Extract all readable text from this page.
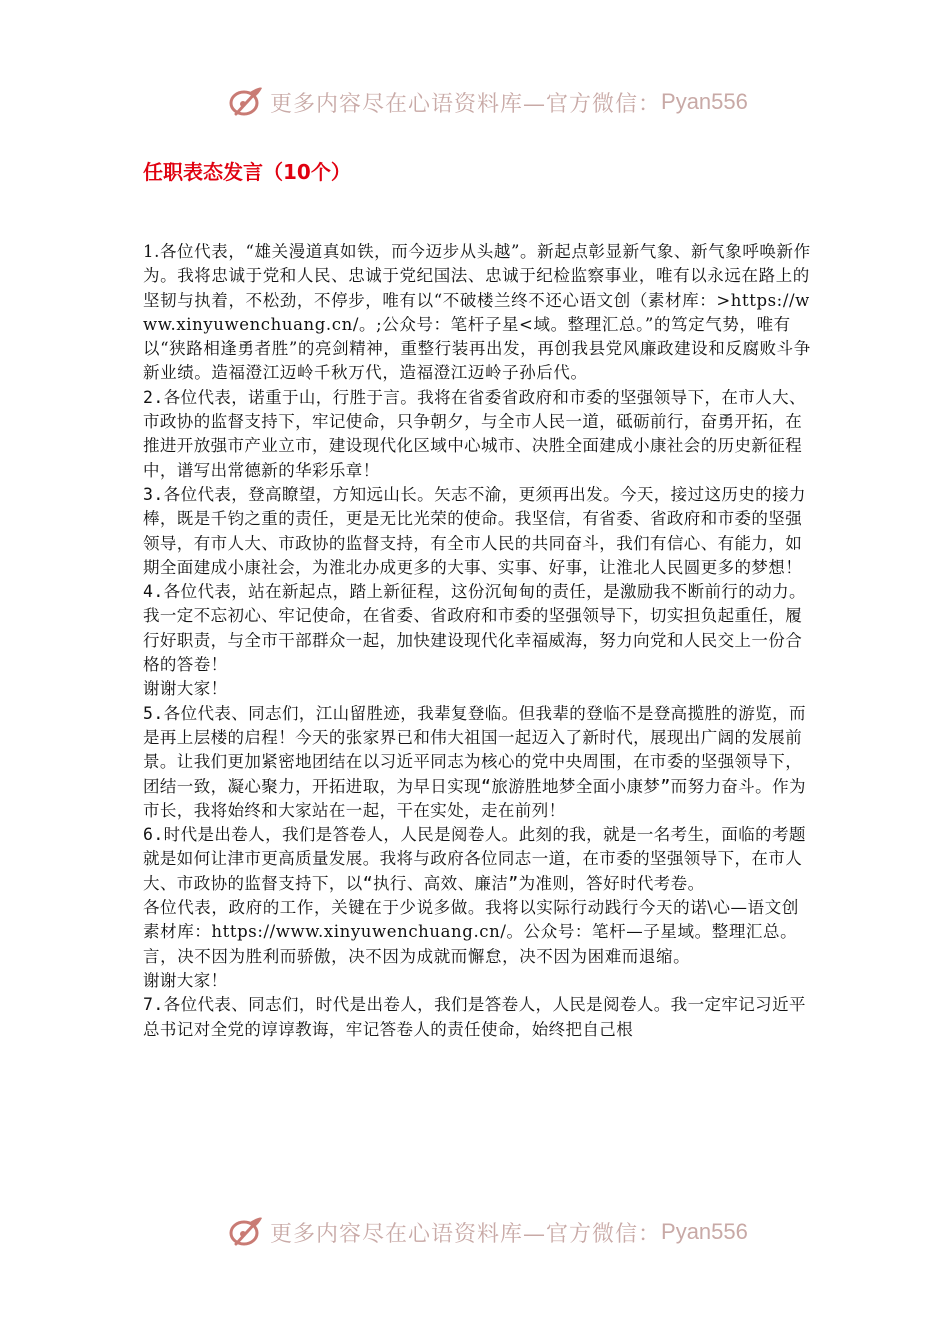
更多内容尽在心语资料库—官方微信： Pyan556
任职表态发言（10个）

1.各位代表，“雄关漫道真如铁，而今迈步从头越”。新起点彰显新气象、新气象呼唤新作为。我将忠诚于党和人民、忠诚于党纪国法、忠诚于纪检监察事业，唯有以永远在路上的坚韧与执着，不松劲，不停步，唯有以“不破楼兰终不还心语文创（素材库：>https://www.xinyuwenchuang.cn/。;公众号：笔杆子星<域。整理汇总。”的笃定气势，唯有以“狭路相逢勇者胜”的亮剑精神，重整行装再出发，再创我县党风廉政建设和反腐败斗争新业绩。造福澄江迈岭千秋万代，造福澄江迈岭子孙后代。

2.各位代表，诺重于山，行胜于言。我将在省委省政府和市委的坚强领导下，在市人大、市政协的监督支持下，牢记使命，只争朝夕，与全市人民一道，砥砺前行，奋勇开拓，在推进开放强市产业立市，建设现代化区域中心城市、决胜全面建成小康社会的历史新征程中，谱写出常德新的华彩乐章！

3.各位代表，登高瞭望，方知远山长。矢志不渝，更须再出发。今天，接过这历史的接力棒，既是千钧之重的责任，更是无比光荣的使命。我坚信，有省委、省政府和市委的坚强领导，有市人大、市政协的监督支持，有全市人民的共同奋斗，我们有信心、有能力，如期全面建成小康社会，为淮北办成更多的大事、实事、好事，让淮北人民圆更多的梦想！

4.各位代表，站在新起点，踏上新征程，这份沉甸甸的责任，是激励我不断前行的动力。我一定不忘初心、牢记使命，在省委、省政府和市委的坚强领导下，切实担负起重任，履行好职责，与全市干部群众一起，加快建设现代化幸福威海，努力向党和人民交上一份合格的答卷！

谢谢大家！

5.各位代表、同志们，江山留胜迹，我辈复登临。但我辈的登临不是登高揽胜的游览，而是再上层楼的启程！今天的张家界已和伟大祖国一起迈入了新时代，展现出广阔的发展前景。让我们更加紧密地团结在以习近平同志为核心的党中央周围，在市委的坚强领导下，团结一致，凝心聚力，开拓进取，为早日实现“旅游胜地梦全面小康梦”而努力奋斗。作为市长，我将始终和大家站在一起，干在实处，走在前列！

6.时代是出卷人，我们是答卷人，人民是阅卷人。此刻的我，就是一名考生，面临的考题就是如何让津市更高质量发展。我将与政府各位同志一道，在市委的坚强领导下，在市人大、市政协的监督支持下，以“执行、高效、廉洁”为准则，答好时代考卷。

各位代表，政府的工作，关键在于少说多做。我将以实际行动践行今天的诺\心—语文创素材库：https://www.xinyuwenchuang.cn/。公众号：笔杆—子星域。整理汇总。言，决不因为胜利而骄傲，决不因为成就而懈怠，决不因为困难而退缩。

谢谢大家！

7.各位代表、同志们，时代是出卷人，我们是答卷人，人民是阅卷人。我一定牢记习近平总书记对全党的谆谆教诲，牢记答卷人的责任使命，始终把自己根

更多内容尽在心语资料库—官方微信： Pyan556
